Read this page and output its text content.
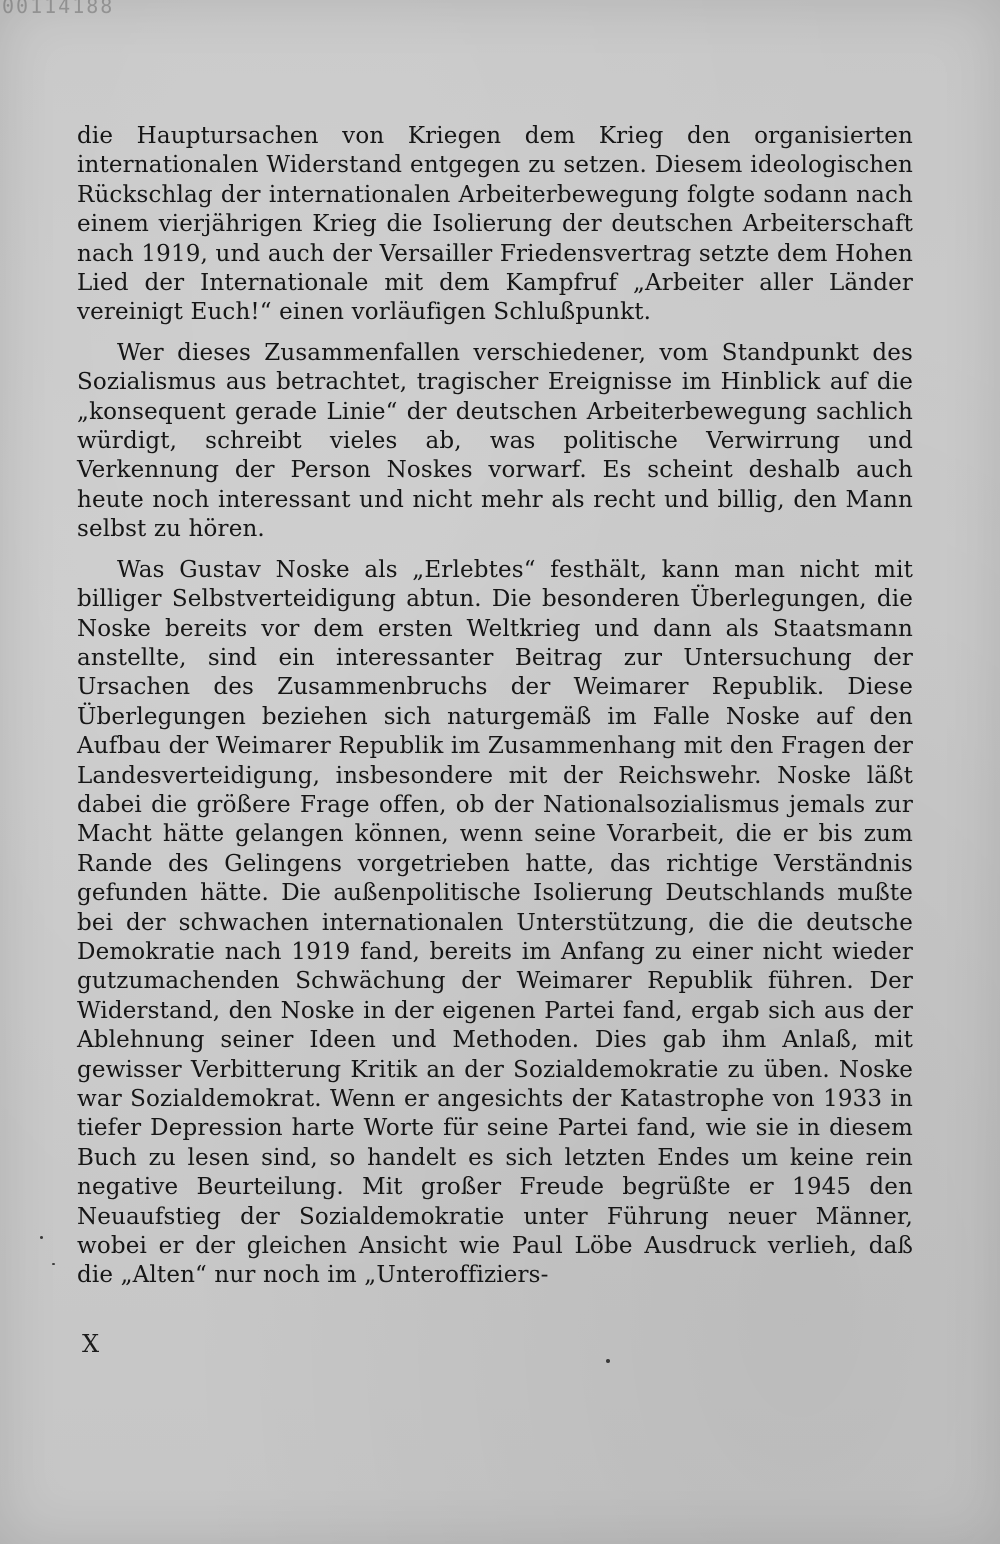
00114188

die Hauptursachen von Kriegen dem Krieg den organisierten internationalen Widerstand entgegen zu setzen. Diesem ideologischen Rückschlag der internationalen Arbeiterbewegung folgte sodann nach einem vierjährigen Krieg die Isolierung der deutschen Arbeiterschaft nach 1919, und auch der Versailler Friedensvertrag setzte dem Hohen Lied der Internationale mit dem Kampfruf „Arbeiter aller Länder vereinigt Euch!“ einen vorläufigen Schlußpunkt.

Wer dieses Zusammenfallen verschiedener, vom Standpunkt des Sozialismus aus betrachtet, tragischer Ereignisse im Hinblick auf die „konsequent gerade Linie“ der deutschen Arbeiterbewegung sachlich würdigt, schreibt vieles ab, was politische Verwirrung und Verkennung der Person Noskes vorwarf. Es scheint deshalb auch heute noch interessant und nicht mehr als recht und billig, den Mann selbst zu hören.

Was Gustav Noske als „Erlebtes“ festhält, kann man nicht mit billiger Selbstverteidigung abtun. Die besonderen Überlegungen, die Noske bereits vor dem ersten Weltkrieg und dann als Staatsmann anstellte, sind ein interessanter Beitrag zur Untersuchung der Ursachen des Zusammenbruchs der Weimarer Republik. Diese Überlegungen beziehen sich naturgemäß im Falle Noske auf den Aufbau der Weimarer Republik im Zusammenhang mit den Fragen der Landesverteidigung, insbesondere mit der Reichswehr. Noske läßt dabei die größere Frage offen, ob der Nationalsozialismus jemals zur Macht hätte gelangen können, wenn seine Vorarbeit, die er bis zum Rande des Gelingens vorgetrieben hatte, das richtige Verständnis gefunden hätte. Die außenpolitische Isolierung Deutschlands mußte bei der schwachen internationalen Unterstützung, die die deutsche Demokratie nach 1919 fand, bereits im Anfang zu einer nicht wieder gutzumachenden Schwächung der Weimarer Republik führen. Der Widerstand, den Noske in der eigenen Partei fand, ergab sich aus der Ablehnung seiner Ideen und Methoden. Dies gab ihm Anlaß, mit gewisser Verbitterung Kritik an der Sozialdemokratie zu üben. Noske war Sozialdemokrat. Wenn er angesichts der Katastrophe von 1933 in tiefer Depression harte Worte für seine Partei fand, wie sie in diesem Buch zu lesen sind, so handelt es sich letzten Endes um keine rein negative Beurteilung. Mit großer Freude begrüßte er 1945 den Neuaufstieg der Sozialdemokratie unter Führung neuer Männer, wobei er der gleichen Ansicht wie Paul Löbe Ausdruck verlieh, daß die „Alten“ nur noch im „Unteroffiziers-

X
